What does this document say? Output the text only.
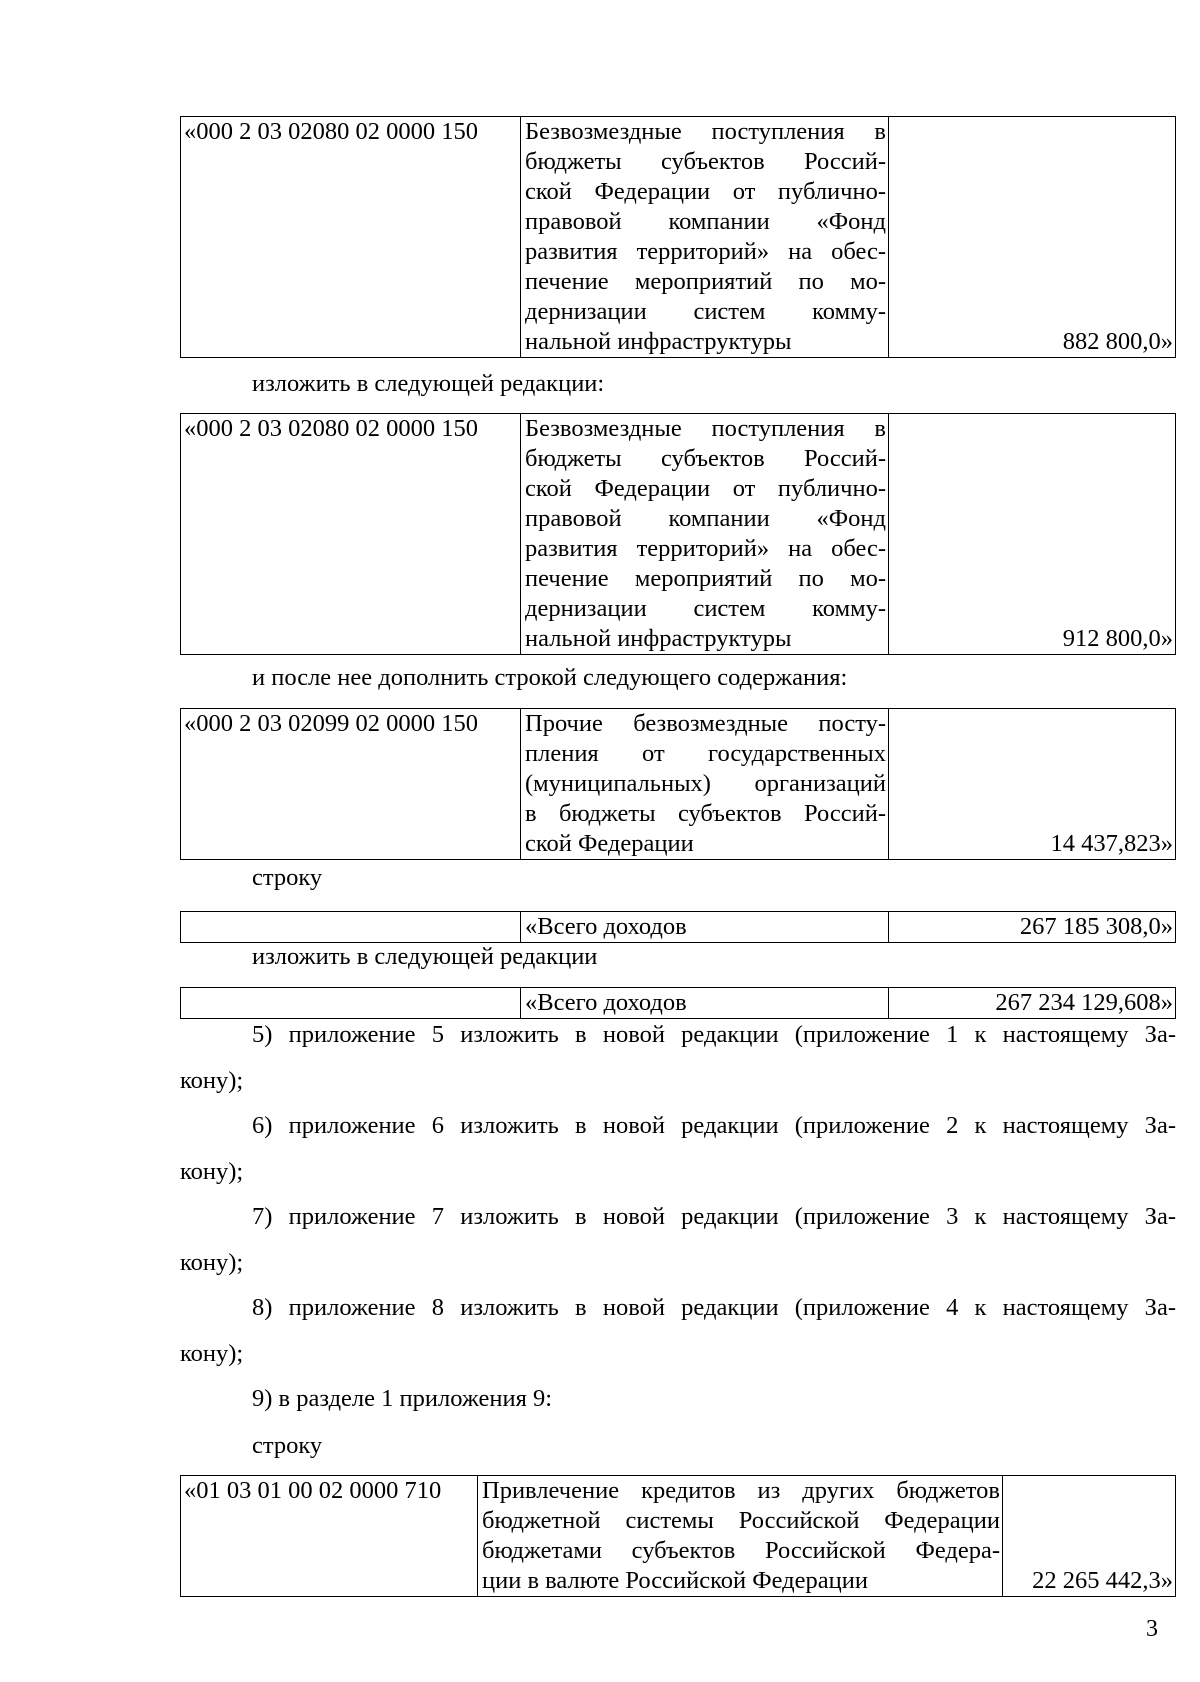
«000 2 03 02080 02 0000 150	Безвозмездные поступления в
бюджеты субъектов Россий-
ской Федерации от публично-
правовой компании «Фонд
развития территорий» на обес-
печение мероприятий по мо-
дернизации систем комму-
нальной инфраструктуры	882 800,0»
изложить в следующей редакции:
«000 2 03 02080 02 0000 150	Безвозмездные поступления в
бюджеты субъектов Россий-
ской Федерации от публично-
правовой компании «Фонд
развития территорий» на обес-
печение мероприятий по мо-
дернизации систем комму-
нальной инфраструктуры	912 800,0»
и после нее дополнить строкой следующего содержания:
«000 2 03 02099 02 0000 150	Прочие безвозмездные посту-
пления от государственных
(муниципальных) организаций
в бюджеты субъектов Россий-
ской Федерации	14 437,823»
строку
	«Всего доходов	267 185 308,0»
изложить в следующей редакции
	«Всего доходов	267 234 129,608»
5) приложение 5 изложить в новой редакции (приложение 1 к настоящему За-
кону);
6) приложение 6 изложить в новой редакции (приложение 2 к настоящему За-
кону);
7) приложение 7 изложить в новой редакции (приложение 3 к настоящему За-
кону);
8) приложение 8 изложить в новой редакции (приложение 4 к настоящему За-
кону);
9) в разделе 1 приложения 9:
строку
«01 03 01 00 02 0000 710	Привлечение кредитов из других бюджетов
бюджетной системы Российской Федерации
бюджетами субъектов Российской Федера-
ции в валюте Российской Федерации	22 265 442,3»
3
